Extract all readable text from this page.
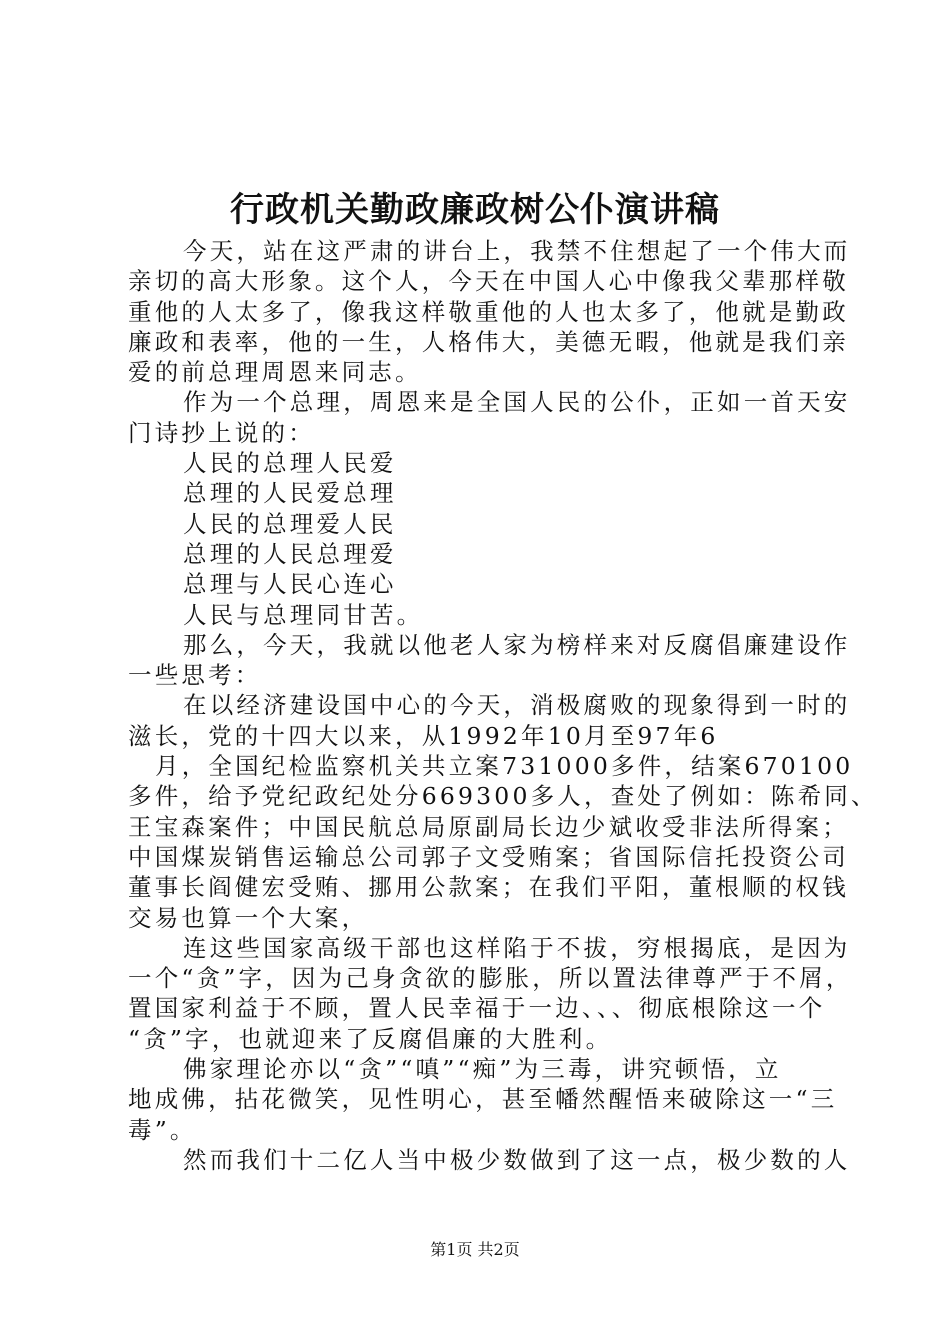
行政机关勤政廉政树公仆演讲稿
今天，站在这严肃的讲台上，我禁不住想起了一个伟大而
亲切的高大形象。这个人，今天在中国人心中像我父辈那样敬
重他的人太多了，像我这样敬重他的人也太多了，他就是勤政
廉政和表率，他的一生，人格伟大，美德无暇，他就是我们亲
爱的前总理周恩来同志。
作为一个总理，周恩来是全国人民的公仆，正如一首天安
门诗抄上说的：
人民的总理人民爱
总理的人民爱总理
人民的总理爱人民
总理的人民总理爱
总理与人民心连心
人民与总理同甘苦。
那么，今天，我就以他老人家为榜样来对反腐倡廉建设作
一些思考：
在以经济建设国中心的今天，消极腐败的现象得到一时的
滋长，党的十四大以来，从1992年10月至97年6
月，全国纪检监察机关共立案731000多件，结案670100
多件，给予党纪政纪处分669300多人，查处了例如：陈希同、
王宝森案件；中国民航总局原副局长边少斌收受非法所得案；
中国煤炭销售运输总公司郭子文受贿案；省国际信托投资公司
董事长阎健宏受贿、挪用公款案；在我们平阳，董根顺的权钱
交易也算一个大案，
连这些国家高级干部也这样陷于不拔，穷根揭底，是因为
一个“贪”字，因为己身贪欲的膨胀，所以置法律尊严于不屑，
置国家利益于不顾，置人民幸福于一边、、、彻底根除这一个
“贪”字，也就迎来了反腐倡廉的大胜利。
佛家理论亦以“贪”“嗔”“痴”为三毒，讲究顿悟，立
地成佛，拈花微笑，见性明心，甚至幡然醒悟来破除这一“三
毒”。
然而我们十二亿人当中极少数做到了这一点，极少数的人
第1页 共2页
